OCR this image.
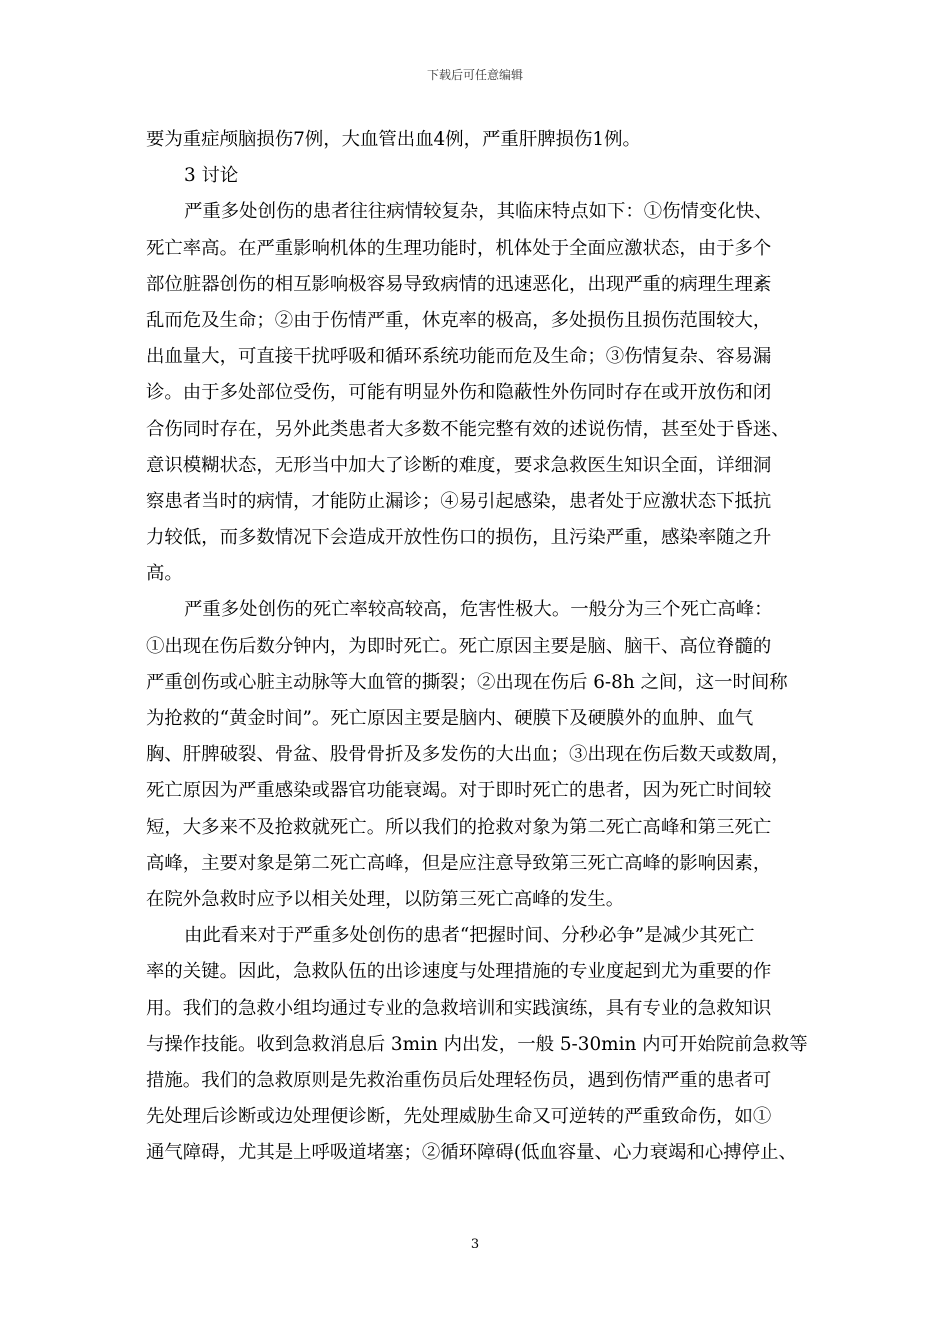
下载后可任意编辑
要为重症颅脑损伤7例，大血管出血4例，严重肝脾损伤1例。
3 讨论
严重多处创伤的患者往往病情较复杂，其临床特点如下：①伤情变化快、
死亡率高。在严重影响机体的生理功能时，机体处于全面应激状态，由于多个
部位脏器创伤的相互影响极容易导致病情的迅速恶化，出现严重的病理生理紊
乱而危及生命；②由于伤情严重，休克率的极高，多处损伤且损伤范围较大，
出血量大，可直接干扰呼吸和循环系统功能而危及生命；③伤情复杂、容易漏
诊。由于多处部位受伤，可能有明显外伤和隐蔽性外伤同时存在或开放伤和闭
合伤同时存在，另外此类患者大多数不能完整有效的述说伤情，甚至处于昏迷、
意识模糊状态，无形当中加大了诊断的难度，要求急救医生知识全面，详细洞
察患者当时的病情，才能防止漏诊；④易引起感染，患者处于应激状态下抵抗
力较低，而多数情况下会造成开放性伤口的损伤，且污染严重，感染率随之升
高。
严重多处创伤的死亡率较高较高，危害性极大。一般分为三个死亡高峰：
①出现在伤后数分钟内，为即时死亡。死亡原因主要是脑、脑干、高位脊髓的
严重创伤或心脏主动脉等大血管的撕裂；②出现在伤后 6-8h 之间，这一时间称
为抢救的“黄金时间”。死亡原因主要是脑内、硬膜下及硬膜外的血肿、血气
胸、肝脾破裂、骨盆、股骨骨折及多发伤的大出血；③出现在伤后数天或数周，
死亡原因为严重感染或器官功能衰竭。对于即时死亡的患者，因为死亡时间较
短，大多来不及抢救就死亡。所以我们的抢救对象为第二死亡高峰和第三死亡
高峰，主要对象是第二死亡高峰，但是应注意导致第三死亡高峰的影响因素，
在院外急救时应予以相关处理，以防第三死亡高峰的发生。
由此看来对于严重多处创伤的患者“把握时间、分秒必争”是减少其死亡
率的关键。因此，急救队伍的出诊速度与处理措施的专业度起到尤为重要的作
用。我们的急救小组均通过专业的急救培训和实践演练，具有专业的急救知识
与操作技能。收到急救消息后 3min 内出发，一般 5-30min 内可开始院前急救等
措施。我们的急救原则是先救治重伤员后处理轻伤员，遇到伤情严重的患者可
先处理后诊断或边处理便诊断，先处理威胁生命又可逆转的严重致命伤，如①
通气障碍，尤其是上呼吸道堵塞；②循环障碍(低血容量、心力衰竭和心搏停止、
3
